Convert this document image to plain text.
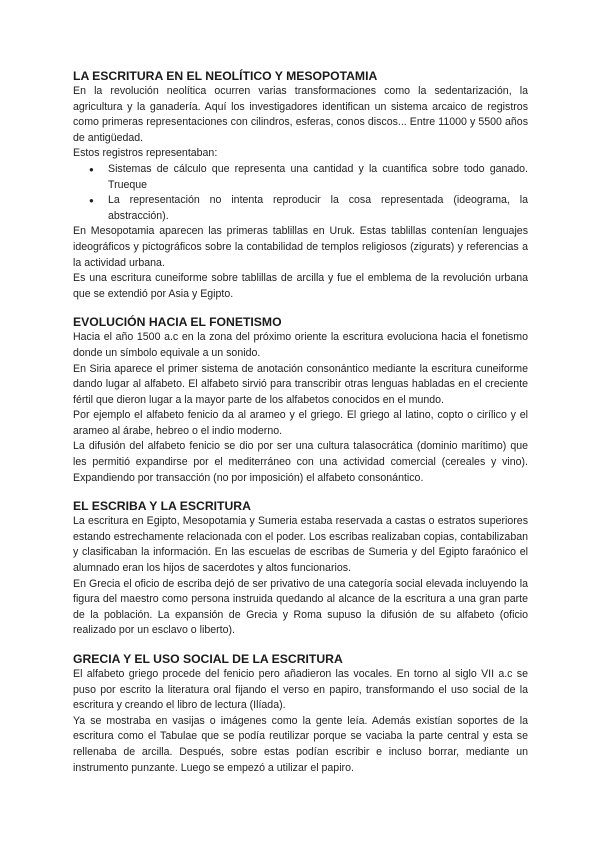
LA ESCRITURA EN EL NEOLÍTICO Y MESOPOTAMIA

En la revolución neolítica ocurren varias transformaciones como la sedentarización, la agricultura y la ganadería. Aquí los investigadores identifican un sistema arcaico de registros como primeras representaciones con cilindros, esferas, conos discos... Entre 11000 y 5500 años de antigüedad.

Estos registros representaban:

● Sistemas de cálculo que representa una cantidad y la cuantifica sobre todo ganado. Trueque
● La representación no intenta reproducir la cosa representada (ideograma, la abstracción).

En Mesopotamia aparecen las primeras tablillas en Uruk. Estas tablillas contenían lenguajes ideográficos y pictográficos sobre la contabilidad de templos religiosos (zigurats) y referencias a la actividad urbana.

Es una escritura cuneiforme sobre tablillas de arcilla y fue el emblema de la revolución urbana que se extendió por Asia y Egipto.

EVOLUCIÓN HACIA EL FONETISMO

Hacia el año 1500 a.c en la zona del próximo oriente la escritura evoluciona hacia el fonetismo donde un símbolo equivale a un sonido.

En Siria aparece el primer sistema de anotación consonántico mediante la escritura cuneiforme dando lugar al alfabeto. El alfabeto sirvió para transcribir otras lenguas habladas en el creciente fértil que dieron lugar a la mayor parte de los alfabetos conocidos en el mundo.

Por ejemplo el alfabeto fenicio da al arameo y el griego. El griego al latino, copto o cirílico y el arameo al árabe, hebreo o el indio moderno.

La difusión del alfabeto fenicio se dio por ser una cultura talasocrática (dominio marítimo) que les permitió expandirse por el mediterráneo con una actividad comercial (cereales y vino). Expandiendo por transacción (no por imposición) el alfabeto consonántico.

EL ESCRIBA Y LA ESCRITURA

La escritura en Egipto, Mesopotamia y Sumeria estaba reservada a castas o estratos superiores estando estrechamente relacionada con el poder. Los escribas realizaban copias, contabilizaban y clasificaban la información. En las escuelas de escribas de Sumeria y del Egipto faraónico el alumnado eran los hijos de sacerdotes y altos funcionarios.

En Grecia el oficio de escriba dejó de ser privativo de una categoría social elevada incluyendo la figura del maestro como persona instruida quedando al alcance de la escritura a una gran parte de la población. La expansión de Grecia y Roma supuso la difusión de su alfabeto (oficio realizado por un esclavo o liberto).

GRECIA Y EL USO SOCIAL DE LA ESCRITURA

El alfabeto griego procede del fenicio pero añadieron las vocales. En torno al siglo VII a.c se puso por escrito la literatura oral fijando el verso en papiro, transformando el uso social de la escritura y creando el libro de lectura (Ilíada).

Ya se mostraba en vasijas o imágenes como la gente leía. Además existían soportes de la escritura como el Tabulae que se podía reutilizar porque se vaciaba la parte central y esta se rellenaba de arcilla. Después, sobre estas podían escribir e incluso borrar, mediante un instrumento punzante. Luego se empezó a utilizar el papiro.
